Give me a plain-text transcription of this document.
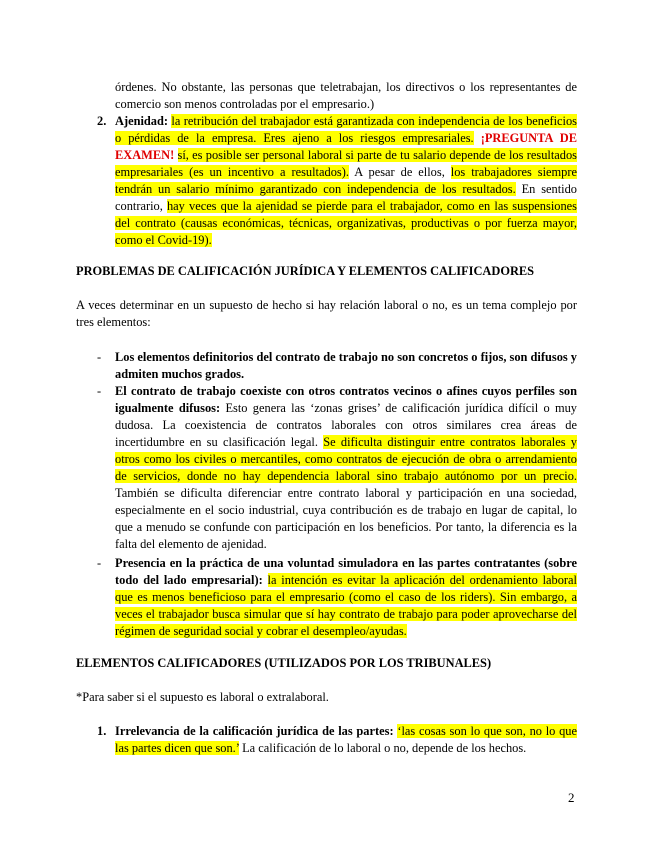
órdenes. No obstante, las personas que teletrabajan, los directivos o los representantes de comercio son menos controladas por el empresario.)
2. Ajenidad: la retribución del trabajador está garantizada con independencia de los beneficios o pérdidas de la empresa. Eres ajeno a los riesgos empresariales. ¡PREGUNTA DE EXAMEN! sí, es posible ser personal laboral si parte de tu salario depende de los resultados empresariales (es un incentivo a resultados). A pesar de ellos, los trabajadores siempre tendrán un salario mínimo garantizado con independencia de los resultados. En sentido contrario, hay veces que la ajenidad se pierde para el trabajador, como en las suspensiones del contrato (causas económicas, técnicas, organizativas, productivas o por fuerza mayor, como el Covid-19).
PROBLEMAS DE CALIFICACIÓN JURÍDICA Y ELEMENTOS CALIFICADORES
A veces determinar en un supuesto de hecho si hay relación laboral o no, es un tema complejo por tres elementos:
- Los elementos definitorios del contrato de trabajo no son concretos o fijos, son difusos y admiten muchos grados.
- El contrato de trabajo coexiste con otros contratos vecinos o afines cuyos perfiles son igualmente difusos: Esto genera las ‘zonas grises’ de calificación jurídica difícil o muy dudosa. La coexistencia de contratos laborales con otros similares crea áreas de incertidumbre en su clasificación legal. Se dificulta distinguir entre contratos laborales y otros como los civiles o mercantiles, como contratos de ejecución de obra o arrendamiento de servicios, donde no hay dependencia laboral sino trabajo autónomo por un precio. También se dificulta diferenciar entre contrato laboral y participación en una sociedad, especialmente en el socio industrial, cuya contribución es de trabajo en lugar de capital, lo que a menudo se confunde con participación en los beneficios. Por tanto, la diferencia es la falta del elemento de ajenidad.
- Presencia en la práctica de una voluntad simuladora en las partes contratantes (sobre todo del lado empresarial): la intención es evitar la aplicación del ordenamiento laboral que es menos beneficioso para el empresario (como el caso de los riders). Sin embargo, a veces el trabajador busca simular que sí hay contrato de trabajo para poder aprovecharse del régimen de seguridad social y cobrar el desempleo/ayudas.
ELEMENTOS CALIFICADORES (UTILIZADOS POR LOS TRIBUNALES)
*Para saber si el supuesto es laboral o extralaboral.
1. Irrelevancia de la calificación jurídica de las partes: ‘las cosas son lo que son, no lo que las partes dicen que son.’ La calificación de lo laboral o no, depende de los hechos.
2
